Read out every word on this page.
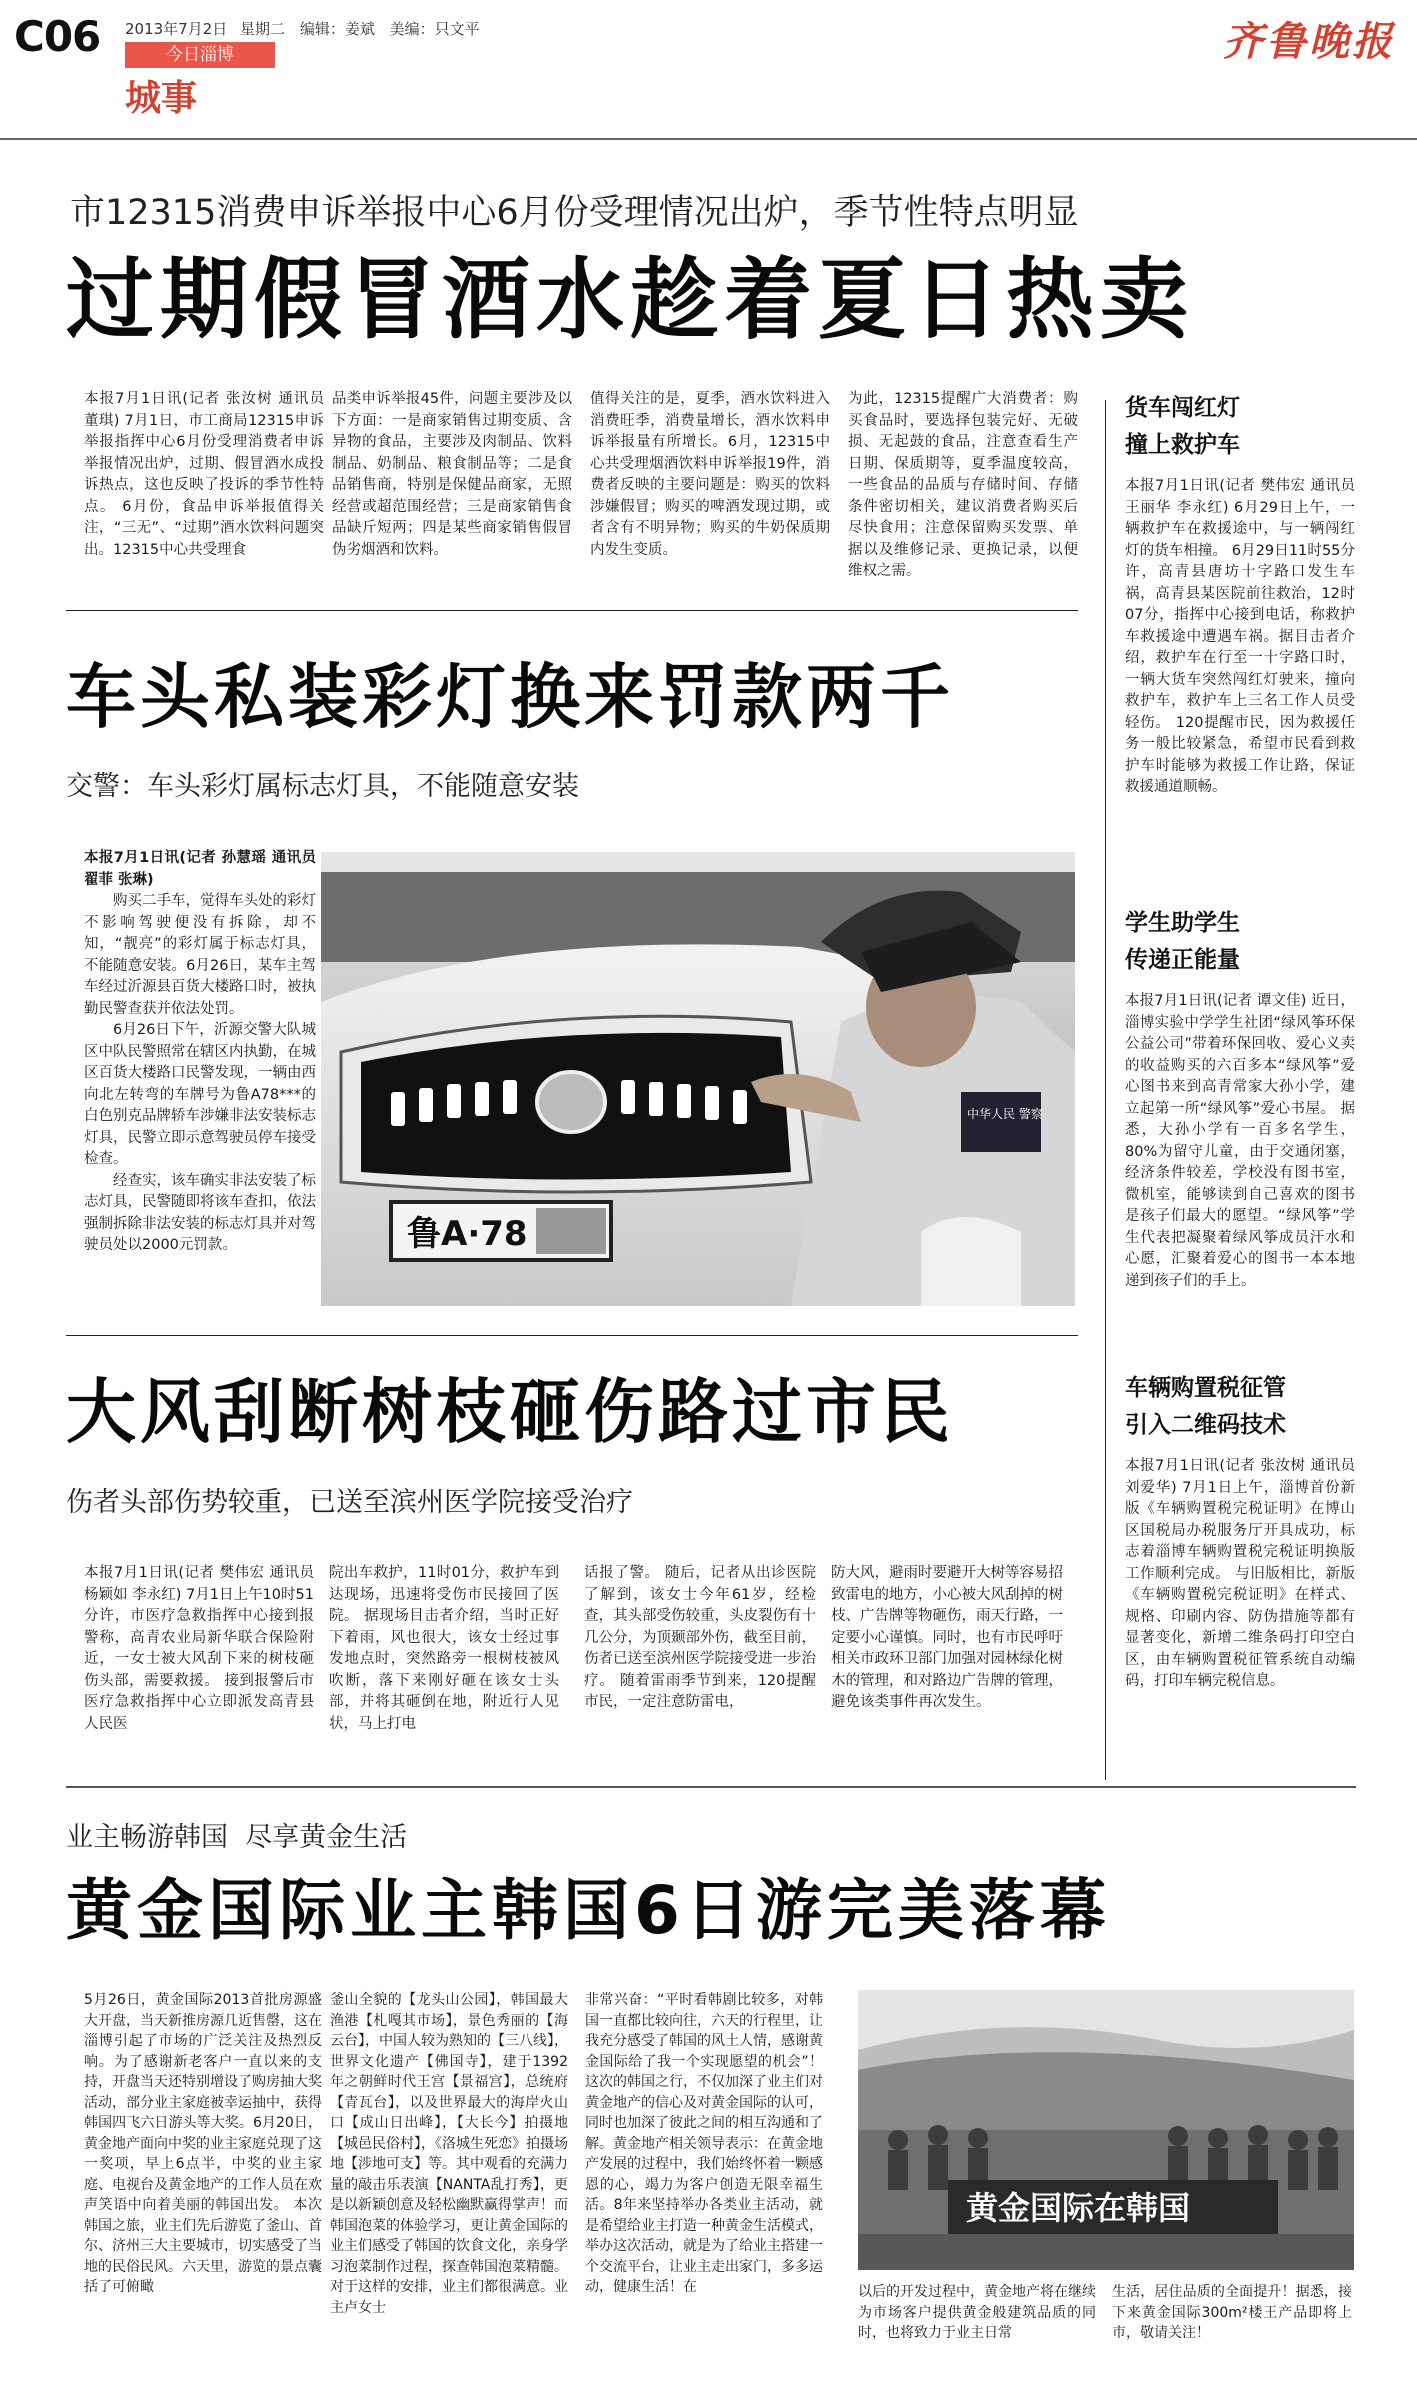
C06 2013年7月2日 星期二 编辑：姜斌 美编：只文平
今日淄博
城事
齐鲁晚报
市12315消费申诉举报中心6月份受理情况出炉，季节性特点明显
过期假冒酒水趁着夏日热卖
本报7月1日讯(记者 张汝树 通讯员 董琪) 7月1日，市工商局12315申诉举报指挥中心6月份受理消费者申诉举报情况出炉，过期、假冒酒水成投诉热点，这也反映了投诉的季节性特点。 6月份，食品申诉举报值得关注，“三无”、“过期”酒水饮料问题突出。12315中心共受理食
品类申诉举报45件，问题主要涉及以下方面：一是商家销售过期变质、含异物的食品，主要涉及肉制品、饮料制品、奶制品、粮食制品等；二是食品销售商，特别是保健品商家，无照经营或超范围经营；三是商家销售食品缺斤短两；四是某些商家销售假冒伪劣烟酒和饮料。
值得关注的是，夏季，酒水饮料进入消费旺季，消费量增长，酒水饮料申诉举报量有所增长。6月，12315中心共受理烟酒饮料申诉举报19件，消费者反映的主要问题是：购买的饮料涉嫌假冒；购买的啤酒发现过期，或者含有不明异物；购买的牛奶保质期内发生变质。
为此，12315提醒广大消费者：购买食品时，要选择包装完好、无破损、无起鼓的食品，注意查看生产日期、保质期等，夏季温度较高，一些食品的品质与存储时间、存储条件密切相关，建议消费者购买后尽快食用；注意保留购买发票、单据以及维修记录、更换记录，以便维权之需。
车头私装彩灯换来罚款两千
交警：车头彩灯属标志灯具，不能随意安装
本报7月1日讯(记者 孙慧瑶 通讯员 翟菲 张琳)
购买二手车，觉得车头处的彩灯不影响驾驶便没有拆除，却不知，“靓亮”的彩灯属于标志灯具，不能随意安装。6月26日，某车主驾车经过沂源县百货大楼路口时，被执勤民警查获并依法处罚。
6月26日下午，沂源交警大队城区中队民警照常在辖区内执勤，在城区百货大楼路口民警发现，一辆由西向北左转弯的车牌号为鲁A78***的白色别克品牌轿车涉嫌非法安装标志灯具，民警立即示意驾驶员停车接受检查。
经查实，该车确实非法安装了标志灯具，民警随即将该车查扣，依法强制拆除非法安装的标志灯具并对驾驶员处以2000元罚款。	鲁A·78
中华人民 警察
大风刮断树枝砸伤路过市民
伤者头部伤势较重，已送至滨州医学院接受治疗
本报7月1日讯(记者 樊伟宏 通讯员 杨颖如 李永红) 7月1日上午10时51分许，市医疗急救指挥中心接到报警称，高青农业局新华联合保险附近，一女士被大风刮下来的树枝砸伤头部，需要救援。 接到报警后市医疗急救指挥中心立即派发高青县人民医
院出车救护，11时01分，救护车到达现场，迅速将受伤市民接回了医院。 据现场目击者介绍，当时正好下着雨，风也很大，该女士经过事发地点时，突然路旁一根树枝被风吹断，落下来刚好砸在该女士头部，并将其砸倒在地，附近行人见状，马上打电
话报了警。 随后，记者从出诊医院了解到，该女士今年61岁，经检查，其头部受伤较重，头皮裂伤有十几公分，为顶颞部外伤，截至目前，伤者已送至滨州医学院接受进一步治疗。 随着雷雨季节到来，120提醒市民，一定注意防雷电，
防大风，避雨时要避开大树等容易招致雷电的地方，小心被大风刮掉的树枝、广告牌等物砸伤，雨天行路，一定要小心谨慎。同时，也有市民呼吁相关市政环卫部门加强对园林绿化树木的管理，和对路边广告牌的管理，避免该类事件再次发生。
货车闯红灯
撞上救护车
本报7月1日讯(记者 樊伟宏 通讯员 王丽华 李永红) 6月29日上午，一辆救护车在救援途中，与一辆闯红灯的货车相撞。 6月29日11时55分许，高青县唐坊十字路口发生车祸，高青县某医院前往救治，12时07分，指挥中心接到电话，称救护车救援途中遭遇车祸。据目击者介绍，救护车在行至一十字路口时，一辆大货车突然闯红灯驶来，撞向救护车，救护车上三名工作人员受轻伤。 120提醒市民，因为救援任务一般比较紧急，希望市民看到救护车时能够为救援工作让路，保证救援通道顺畅。
学生助学生
传递正能量
本报7月1日讯(记者 谭文佳) 近日，淄博实验中学学生社团“绿风筝环保公益公司”带着环保回收、爱心义卖的收益购买的六百多本“绿风筝”爱心图书来到高青常家大孙小学，建立起第一所“绿风筝”爱心书屋。 据悉，大孙小学有一百多名学生，80%为留守儿童，由于交通闭塞，经济条件较差，学校没有图书室，微机室，能够读到自己喜欢的图书是孩子们最大的愿望。“绿风筝”学生代表把凝聚着绿风筝成员汗水和心愿，汇聚着爱心的图书一本本地递到孩子们的手上。
车辆购置税征管
引入二维码技术
本报7月1日讯(记者 张汝树 通讯员 刘爱华) 7月1日上午，淄博首份新版《车辆购置税完税证明》在博山区国税局办税服务厅开具成功，标志着淄博车辆购置税完税证明换版工作顺利完成。 与旧版相比，新版《车辆购置税完税证明》在样式、规格、印刷内容、防伪措施等都有显著变化，新增二维条码打印空白区，由车辆购置税征管系统自动编码，打印车辆完税信息。
业主畅游韩国  尽享黄金生活
黄金国际业主韩国6日游完美落幕
5月26日，黄金国际2013首批房源盛大开盘，当天新推房源几近售罄，这在淄博引起了市场的广泛关注及热烈反响。为了感谢新老客户一直以来的支持，开盘当天还特别增设了购房抽大奖活动，部分业主家庭被幸运抽中，获得韩国四飞六日游头等大奖。6月20日，黄金地产面向中奖的业主家庭兑现了这一奖项，早上6点半，中奖的业主家庭、电视台及黄金地产的工作人员在欢声笑语中向着美丽的韩国出发。 本次韩国之旅，业主们先后游览了釜山、首尔、济州三大主要城市，切实感受了当地的民俗民风。六天里，游览的景点囊括了可俯瞰
釜山全貌的【龙头山公园】，韩国最大渔港【札嘎其市场】，景色秀丽的【海云台】，中国人较为熟知的【三八线】，世界文化遗产【佛国寺】，建于1392年之朝鲜时代王宫【景福宫】，总统府【青瓦台】，以及世界最大的海岸火山口【成山日出峰】，【大长今】拍摄地【城邑民俗村】，《洛城生死恋》拍摄场地【涉地可支】等。其中观看的充满力量的敲击乐表演【NANTA乱打秀】，更是以新颖创意及轻松幽默赢得掌声！而韩国泡菜的体验学习，更让黄金国际的业主们感受了韩国的饮食文化，亲身学习泡菜制作过程，探查韩国泡菜精髓。对于这样的安排，业主们都很满意。业主卢女士
非常兴奋：“平时看韩剧比较多，对韩国一直都比较向往，六天的行程里，让我充分感受了韩国的风土人情，感谢黄金国际给了我一个实现愿望的机会”！ 这次的韩国之行，不仅加深了业主们对黄金地产的信心及对黄金国际的认可，同时也加深了彼此之间的相互沟通和了解。黄金地产相关领导表示：在黄金地产发展的过程中，我们始终怀着一颗感恩的心，竭力为客户创造无限幸福生活。8年来坚持举办各类业主活动，就是希望给业主打造一种黄金生活模式，举办这次活动，就是为了给业主搭建一个交流平台，让业主走出家门，多多运动，健康生活！在
黄金国际在韩国
以后的开发过程中，黄金地产将在继续为市场客户提供黄金般建筑品质的同时，也将致力于业主日常
生活，居住品质的全面提升！据悉，接下来黄金国际300m²楼王产品即将上市，敬请关注！
